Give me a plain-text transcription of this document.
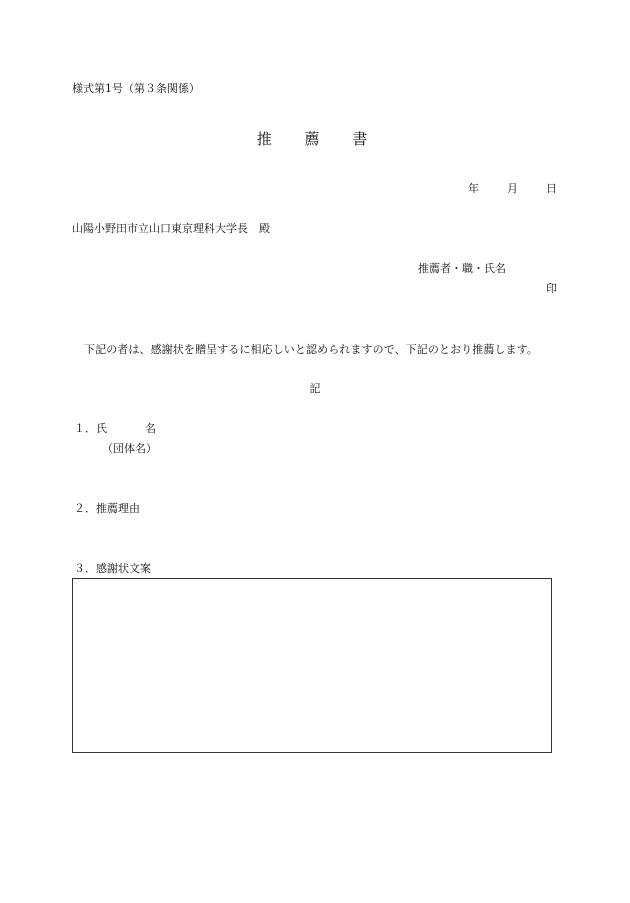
様式第1号（第３条関係）
推 薦 書
年	月	日
山陽小野田市立山口東京理科大学長　殿
推薦者・職・氏名
印
下記の者は、感謝状を贈呈するに相応しいと認められますので、下記のとおり推薦します。
記
１．氏	名
（団体名）
２．推薦理由
３．感謝状文案
